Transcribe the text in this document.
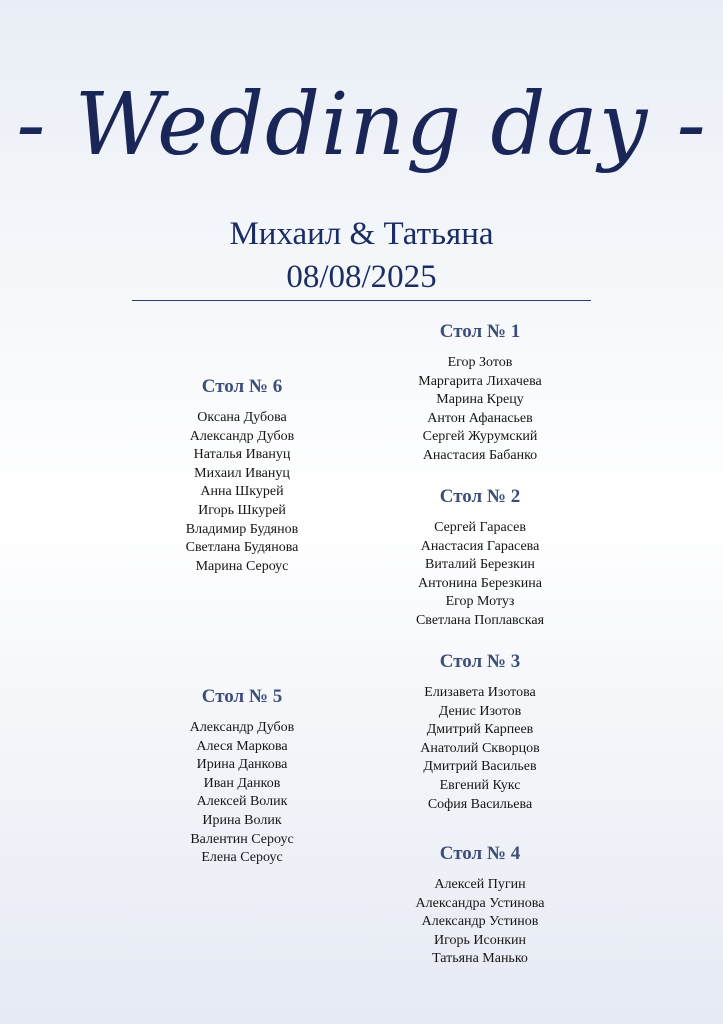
- Wedding day -
Михаил & Татьяна
08/08/2025
Стол № 1
Егор Зотов
Маргарита Лихачева
Марина Крецу
Антон Афанасьев
Сергей Журумский
Анастасия Бабанко
Стол № 2
Сергей Гарасев
Анастасия Гарасева
Виталий Березкин
Антонина Березкина
Егор Мотуз
Светлана Поплавская
Стол № 3
Елизавета Изотова
Денис Изотов
Дмитрий Карпеев
Анатолий Скворцов
Дмитрий Васильев
Евгений Кукс
София Васильева
Стол № 4
Алексей Пугин
Александра Устинова
Александр Устинов
Игорь Исонкин
Татьяна Манько
Стол № 5
Александр Дубов
Алеся Маркова
Ирина Данкова
Иван Данков
Алексей Волик
Ирина Волик
Валентин Сероус
Елена Сероус
Стол № 6
Оксана Дубова
Александр Дубов
Наталья Ивануц
Михаил Ивануц
Анна Шкурей
Игорь Шкурей
Владимир Будянов
Светлана Будянова
Марина Сероус
